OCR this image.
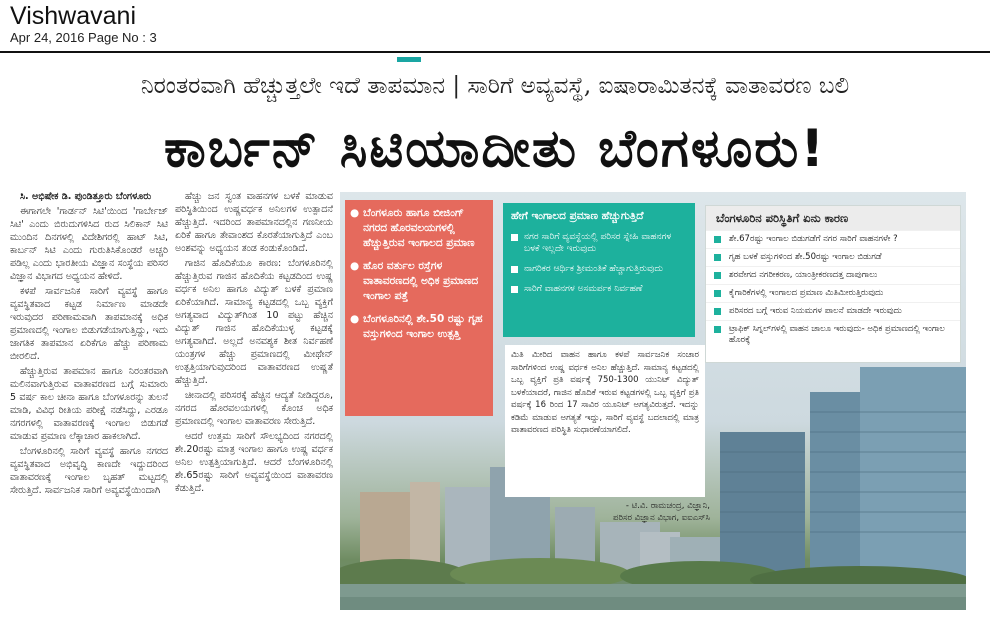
Vishwavani
Apr 24, 2016 Page No : 3
ನಿರಂತರವಾಗಿ ಹೆಚ್ಚುತ್ತಲೇ ಇದೆ ತಾಪಮಾನ | ಸಾರಿಗೆ ಅವ್ಯವಸ್ಥೆ, ಐಷಾರಾಮಿತನಕ್ಕೆ ವಾತಾವರಣ ಬಲಿ
ಕಾರ್ಬನ್ ಸಿಟಿಯಾದೀತು ಬೆಂಗಳೂರು!

ಸಿ. ಅಭಿಷೇಕ ಡಿ. ಪುಂಡಿತ್ತೂರು ಬೆಂಗಳೂರು

ಈಗಾಗಲೇ 'ಗಾರ್ಡನ್ ಸಿಟಿ'ಯಿಂದ 'ಗಾರ್ಬೇಜ್ ಸಿಟಿ' ಎಂದು ಬಿರುದುಗಳಿಸಿದ ರುದ ಸಿಲಿಕಾನ್ ಸಿಟಿ ಮುಂದಿನ ದಿನಗಳಲ್ಲಿ ವಿದೇಶಿಗರಲ್ಲಿ ಹಾಟ್ ಸಿಟಿ, ಕಾರ್ಬನ್ ಸಿಟಿ ಎಂದು ಗುರುತಿಸಿಕೊಂಡರೆ ಅಚ್ಚರಿ ಪಡಿಲ್ಲ ಎಂದು ಭಾರತೀಯ ವಿಜ್ಞಾನ ಸಂಸ್ಥೆಯ ಪರಿಸರ ವಿಜ್ಞಾನ ವಿಭಾಗದ ಅಧ್ಯಯನ ಹೇಳಿದೆ.

ಕಳಪೆ ಸಾರ್ವಜನಿಕ ಸಾರಿಗೆ ವ್ಯವಸ್ಥೆ ಹಾಗೂ ವ್ಯವಸ್ಥಿತವಾದ ಕಟ್ಟಡ ನಿರ್ಮಾಣ ಮಾಡದೇ ಇರುವುದರ ಪರಿಣಾಮವಾಗಿ ತಾಪಮಾನಕ್ಕೆ ಅಧಿಕ ಪ್ರಮಾಣದಲ್ಲಿ ಇಂಗಾಲ ಬಿಡುಗಡೆಯಾಗುತ್ತಿದ್ದು, ಇದು ಜಾಗತಿಕ ತಾಪಮಾನ ಏರಿಕೆಗೂ ಹೆಚ್ಚು ಪರಿಣಾಮ ಬೀರಲಿದೆ.

ಹೆಚ್ಚುತ್ತಿರುವ ತಾಪಮಾನ ಹಾಗೂ ನಿರಂತರವಾಗಿ ಮಲಿನವಾಗುತ್ತಿರುವ ವಾತಾವರಣದ ಬಗ್ಗೆ ಸುಮಾರು 5 ವರ್ಷ ಕಾಲ ಚೀನಾ ಹಾಗೂ ಬೆಂಗಳೂರನ್ನು ತುಲನೆ ಮಾಡಿ, ವಿವಿಧ ರೀತಿಯ ಪರೀಕ್ಷೆ ನಡೆಸಿದ್ದು, ಎರಡೂ ನಗರಗಳಲ್ಲಿ ವಾತಾವರಣಕ್ಕೆ ಇಂಗಾಲ ಬಿಡುಗಡೆ ಮಾಡುವ ಪ್ರಮಾಣ ಲೆಕ್ಕಾಚಾರ ಹಾಕಲಾಗಿದೆ.

ಬೆಂಗಳೂರಿನಲ್ಲಿ ಸಾರಿಗೆ ವ್ಯವಸ್ಥೆ ಹಾಗೂ ನಗರದ ವ್ಯವಸ್ಥಿತವಾದ ಅಭಿವೃದ್ಧಿ ಕಾಣದೇ ಇದ್ದುದರಿಂದ ವಾತಾವರಣಕ್ಕೆ ಇಂಗಾಲ ಬೃಹತ್ ಮಟ್ಟದಲ್ಲಿ ಸೇರುತ್ತಿದೆ. ಸಾರ್ವಜನಿಕ ಸಾರಿಗೆ ಅವ್ಯವಸ್ಥೆಯಿಂದಾಗಿ

ಹೆಚ್ಚು ಜನ ಸ್ವಂತ ವಾಹನಗಳ ಬಳಕೆ ಮಾಡುವ ಪರಿಸ್ಥಿತಿಯಿಂದ ಉಷ್ಣವರ್ಧಕ ಅನಿಲಗಳ ಉತ್ಪಾದನೆ ಹೆಚ್ಚುತ್ತಿದೆ. ಇದರಿಂದ ತಾಪಮಾನದಲ್ಲಿನ ಗಣನೀಯ ಏರಿಕೆ ಹಾಗೂ ತೇವಾಂಶದ ಕೊರತೆಯಾಗುತ್ತಿದೆ ಎಂಬ ಅಂಶವನ್ನು ಅಧ್ಯಯನ ತಂಡ ಕಂಡುಕೊಂಡಿದೆ.

ಗಾಜಿನ ಹೊದಿಕೆಯೂ ಕಾರಣ: ಬೆಂಗಳೂರಿನಲ್ಲಿ ಹೆಚ್ಚುತ್ತಿರುವ ಗಾಜಿನ ಹೊದಿಕೆಯ ಕಟ್ಟಡದಿಂದ ಉಷ್ಣ ವರ್ಧಕ ಅನಿಲ ಹಾಗೂ ವಿದ್ಯುತ್ ಬಳಕೆ ಪ್ರಮಾಣ ಏರಿಕೆಯಾಗಿದೆ. ಸಾಮಾನ್ಯ ಕಟ್ಟಡದಲ್ಲಿ ಒಬ್ಬ ವ್ಯಕ್ತಿಗೆ ಅಗತ್ಯವಾದ ವಿದ್ಯುತ್‌ಗಿಂತ 10 ಪಟ್ಟು ಹೆಚ್ಚಿನ ವಿದ್ಯುತ್ ಗಾಜಿನ ಹೊದಿಕೆಯುಳ್ಳ ಕಟ್ಟಡಕ್ಕೆ ಅಗತ್ಯವಾಗಿದೆ. ಅಲ್ಲದೆ ಅನವಶ್ಯಕ ಶೀತ ನಿರ್ವಹಣೆ ಯಂತ್ರಗಳ ಹೆಚ್ಚು ಪ್ರಮಾಣದಲ್ಲಿ ಮೀಥೇನ್ ಉತ್ಪತ್ತಿಯಾಗುವುದರಿಂದ ವಾತಾವರಣದ ಉಷ್ಣತೆ ಹೆಚ್ಚುತ್ತಿದೆ.

ಚೀನಾದಲ್ಲಿ ಪರಿಸರಕ್ಕೆ ಹೆಚ್ಚಿನ ಆದ್ಯತೆ ನೀಡಿದ್ದರೂ, ನಗರದ ಹೊರವಲಯಗಳಲ್ಲಿ ಕೊಂಚ ಅಧಿಕ ಪ್ರಮಾಣದಲ್ಲಿ ಇಂಗಾಲ ವಾತಾವರಣ ಸೇರುತ್ತಿದೆ.

ಆದರೆ ಉತ್ತಮ ಸಾರಿಗೆ ಸೌಲಭ್ಯದಿಂದ ನಗರದಲ್ಲಿ ಶೇ.20ರಷ್ಟು ಮಾತ್ರ ಇಂಗಾಲ ಹಾಗೂ ಉಷ್ಣ ವರ್ಧಕ ಅನಿಲ ಉತ್ಪತ್ತಿಯಾಗುತ್ತಿದೆ. ಆದರೆ ಬೆಂಗಳೂರಿನಲ್ಲಿ ಶೇ.65ರಷ್ಟು ಸಾರಿಗೆ ಅವ್ಯವಸ್ಥೆಯಿಂದ ವಾತಾವರಣ ಕೆಡುತ್ತಿದೆ.

● ಬೆಂಗಳೂರು ಹಾಗೂ ಬೀಜಿಂಗ್ ನಗರದ ಹೊರವಲಯಗಳಲ್ಲಿ ಹೆಚ್ಚುತ್ತಿರುವ ಇಂಗಾಲದ ಪ್ರಮಾಣ
● ಹೊರ ವರ್ತುಲ ರಸ್ತೆಗಳ ವಾತಾವರಣದಲ್ಲಿ ಅಧಿಕ ಪ್ರಮಾಣದ ಇಂಗಾಲ ಪತ್ತೆ
● ಬೆಂಗಳೂರಿನಲ್ಲಿ ಶೇ.50 ರಷ್ಟು ಗೃಹ ವಸ್ತುಗಳಿಂದ ಇಂಗಾಲ ಉತ್ಪತ್ತಿ
ಹೇಗೆ ಇಂಗಾಲದ ಪ್ರಮಾಣ ಹೆಚ್ಚುಗುತ್ತಿದೆ
ನಗರ ಸಾರಿಗೆ ವ್ಯವಸ್ಥೆಯಲ್ಲಿ ಪರಿಸರ ಸ್ನೇಹಿ ವಾಹನಗಳ ಬಳಕೆ ಇಲ್ಲದೇ ಇರುವುದು
ನಾಗರಿಕರ ಆರ್ಥಿಕ ಶ್ರೀಮಂತಿಕೆ ಹೆಚ್ಚಾಗುತ್ತಿರುವುದು
ಸಾರಿಗೆ ವಾಹನಗಳ ಅಸಮರ್ಪಕ ನಿರ್ವಹಣೆ
ಬೆಂಗಳೂರಿನ ಪರಿಸ್ಥಿತಿಗೆ ಏನು ಕಾರಣ
ಶೇ.67ರಷ್ಟು ಇಂಗಾಲ ಬಿಡುಗಡೆಗೆ ನಗರ ಸಾರಿಗೆ ವಾಹನಗಳೇ ?
ಗೃಹ ಬಳಕೆ ವಸ್ತುಗಳಿಂದ ಶೇ.50ರಷ್ಟು ಇಂಗಾಲ ಬಿಡುಗಡೆ
ಶರವೇಗದ ನಗರೀಕರಣ, ಯಾಂತ್ರೀಕರಣದತ್ತ ದಾಪುಗಾಲು
ಕೈಗಾರಿಕೆಗಳಲ್ಲಿ ಇಂಗಾಲದ ಪ್ರಮಾಣ ಮಿತಿಮೀರುತ್ತಿರುವುದು
ಪರಿಸರದ ಬಗ್ಗೆ ಇರುವ ನಿಯಮಗಳ ಪಾಲನೆ ಮಾಡದೇ ಇರುವುದು
ಟ್ರಾಫಿಕ್ ಸಿಗ್ನಲ್‌ಗಳಲ್ಲಿ ವಾಹನ ಚಾಲೂ ಇರುವುದು- ಅಧಿಕ ಪ್ರಮಾಣದಲ್ಲಿ ಇಂಗಾಲ ಹೊರಕ್ಕೆ
ಮಿತಿ ಮೀರಿದ ವಾಹನ ಹಾಗೂ ಕಳಪೆ ಸಾರ್ವಜನಿಕ ಸಂಚಾರ ಸಾರಿಗೆಗಳಿಂದ ಉಷ್ಣ ವರ್ಧಕ ಅನಿಲ ಹೆಚ್ಚುತ್ತಿದೆ. ಸಾಮಾನ್ಯ ಕಟ್ಟಡದಲ್ಲಿ ಒಬ್ಬ ವ್ಯಕ್ತಿಗೆ ಪ್ರತಿ ವರ್ಷಕ್ಕೆ 750-1300 ಯುನಿಟ್ ವಿದ್ಯುತ್ ಬಳಕೆಯಾದರೆ, ಗಾಜಿನ ಹೊದಿಕೆ ಇರುವ ಕಟ್ಟಡಗಳಲ್ಲಿ ಒಬ್ಬ ವ್ಯಕ್ತಿಗೆ ಪ್ರತಿ ವರ್ಷಕ್ಕೆ 16 ರಿಂದ 17 ಸಾವಿರ ಯೂನಿಟ್ ಅಗತ್ಯವಿರುತ್ತದೆ. ಇದನ್ನು ಕಡಿಮೆ ಮಾಡುವ ಅಗತ್ಯತೆ ಇದ್ದು, ಸಾರಿಗೆ ವ್ಯವಸ್ಥೆ ಬದಲಾದಲ್ಲಿ ಮಾತ್ರ ವಾತಾವರಣದ ಪರಿಸ್ಥಿತಿ ಸುಧಾರಣೆಯಾಗಲಿದೆ.
- ಟಿ.ವಿ. ರಾಮಚಂದ್ರ, ವಿಜ್ಞಾನಿ,
ಪರಿಸರ ವಿಜ್ಞಾನ ವಿಭಾಗ, ಐಐಎಸ್‌ಸಿ
